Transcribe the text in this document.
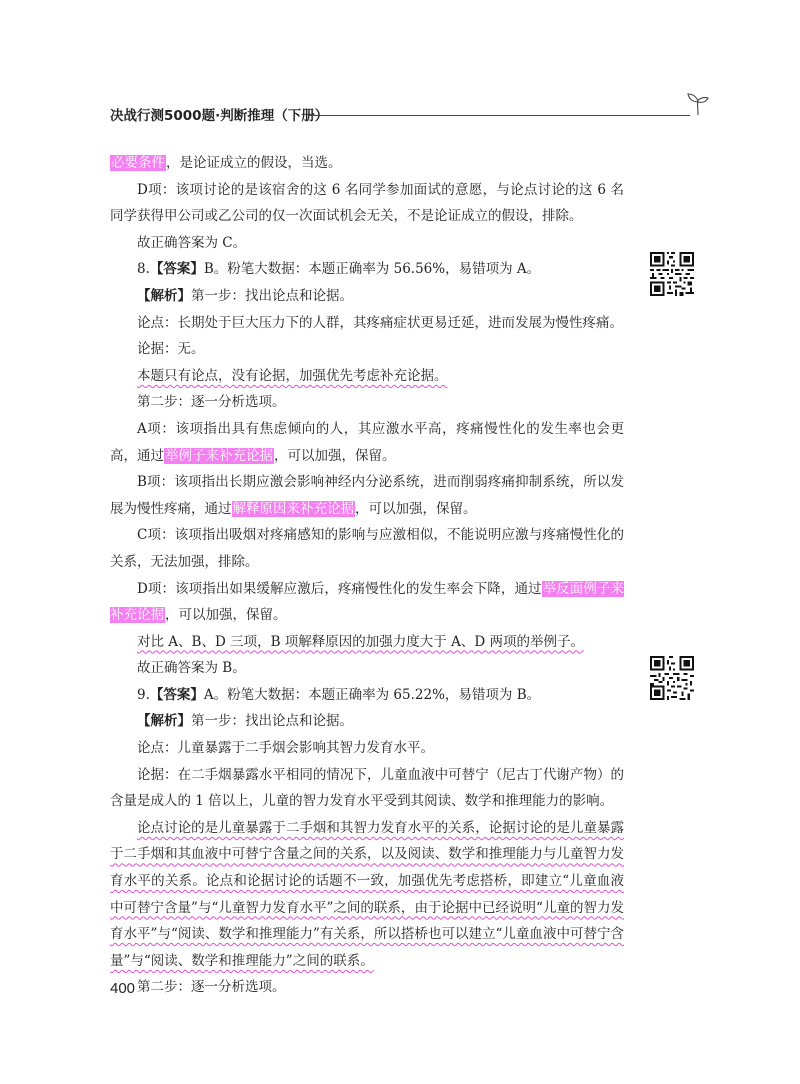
决战行测5000题·判断推理（下册）

必要条件，是论证成立的假设，当选。

D项：该项讨论的是该宿舍的这 6 名同学参加面试的意愿，与论点讨论的这 6 名同学获得甲公司或乙公司的仅一次面试机会无关，不是论证成立的假设，排除。

故正确答案为 C。

8.【答案】B。粉笔大数据：本题正确率为 56.56%，易错项为 A。

【解析】第一步：找出论点和论据。

论点：长期处于巨大压力下的人群，其疼痛症状更易迁延，进而发展为慢性疼痛。

论据：无。

本题只有论点，没有论据，加强优先考虑补充论据。

第二步：逐一分析选项。

A项：该项指出具有焦虑倾向的人，其应激水平高，疼痛慢性化的发生率也会更高，通过举例子来补充论据，可以加强，保留。

B项：该项指出长期应激会影响神经内分泌系统，进而削弱疼痛抑制系统，所以发展为慢性疼痛，通过解释原因来补充论据，可以加强，保留。

C项：该项指出吸烟对疼痛感知的影响与应激相似，不能说明应激与疼痛慢性化的关系，无法加强，排除。

D项：该项指出如果缓解应激后，疼痛慢性化的发生率会下降，通过举反面例子来补充论据，可以加强，保留。

对比 A、B、D 三项，B 项解释原因的加强力度大于 A、D 两项的举例子。

故正确答案为 B。

9.【答案】A。粉笔大数据：本题正确率为 65.22%，易错项为 B。

【解析】第一步：找出论点和论据。

论点：儿童暴露于二手烟会影响其智力发育水平。

论据：在二手烟暴露水平相同的情况下，儿童血液中可替宁（尼古丁代谢产物）的含量是成人的 1 倍以上，儿童的智力发育水平受到其阅读、数学和推理能力的影响。

论点讨论的是儿童暴露于二手烟和其智力发育水平的关系，论据讨论的是儿童暴露于二手烟和其血液中可替宁含量之间的关系，以及阅读、数学和推理能力与儿童智力发育水平的关系。论点和论据讨论的话题不一致，加强优先考虑搭桥，即建立“儿童血液中可替宁含量”与“儿童智力发育水平”之间的联系，由于论据中已经说明“儿童的智力发育水平”与“阅读、数学和推理能力”有关系，所以搭桥也可以建立“儿童血液中可替宁含量”与“阅读、数学和推理能力”之间的联系。

第二步：逐一分析选项。

400
